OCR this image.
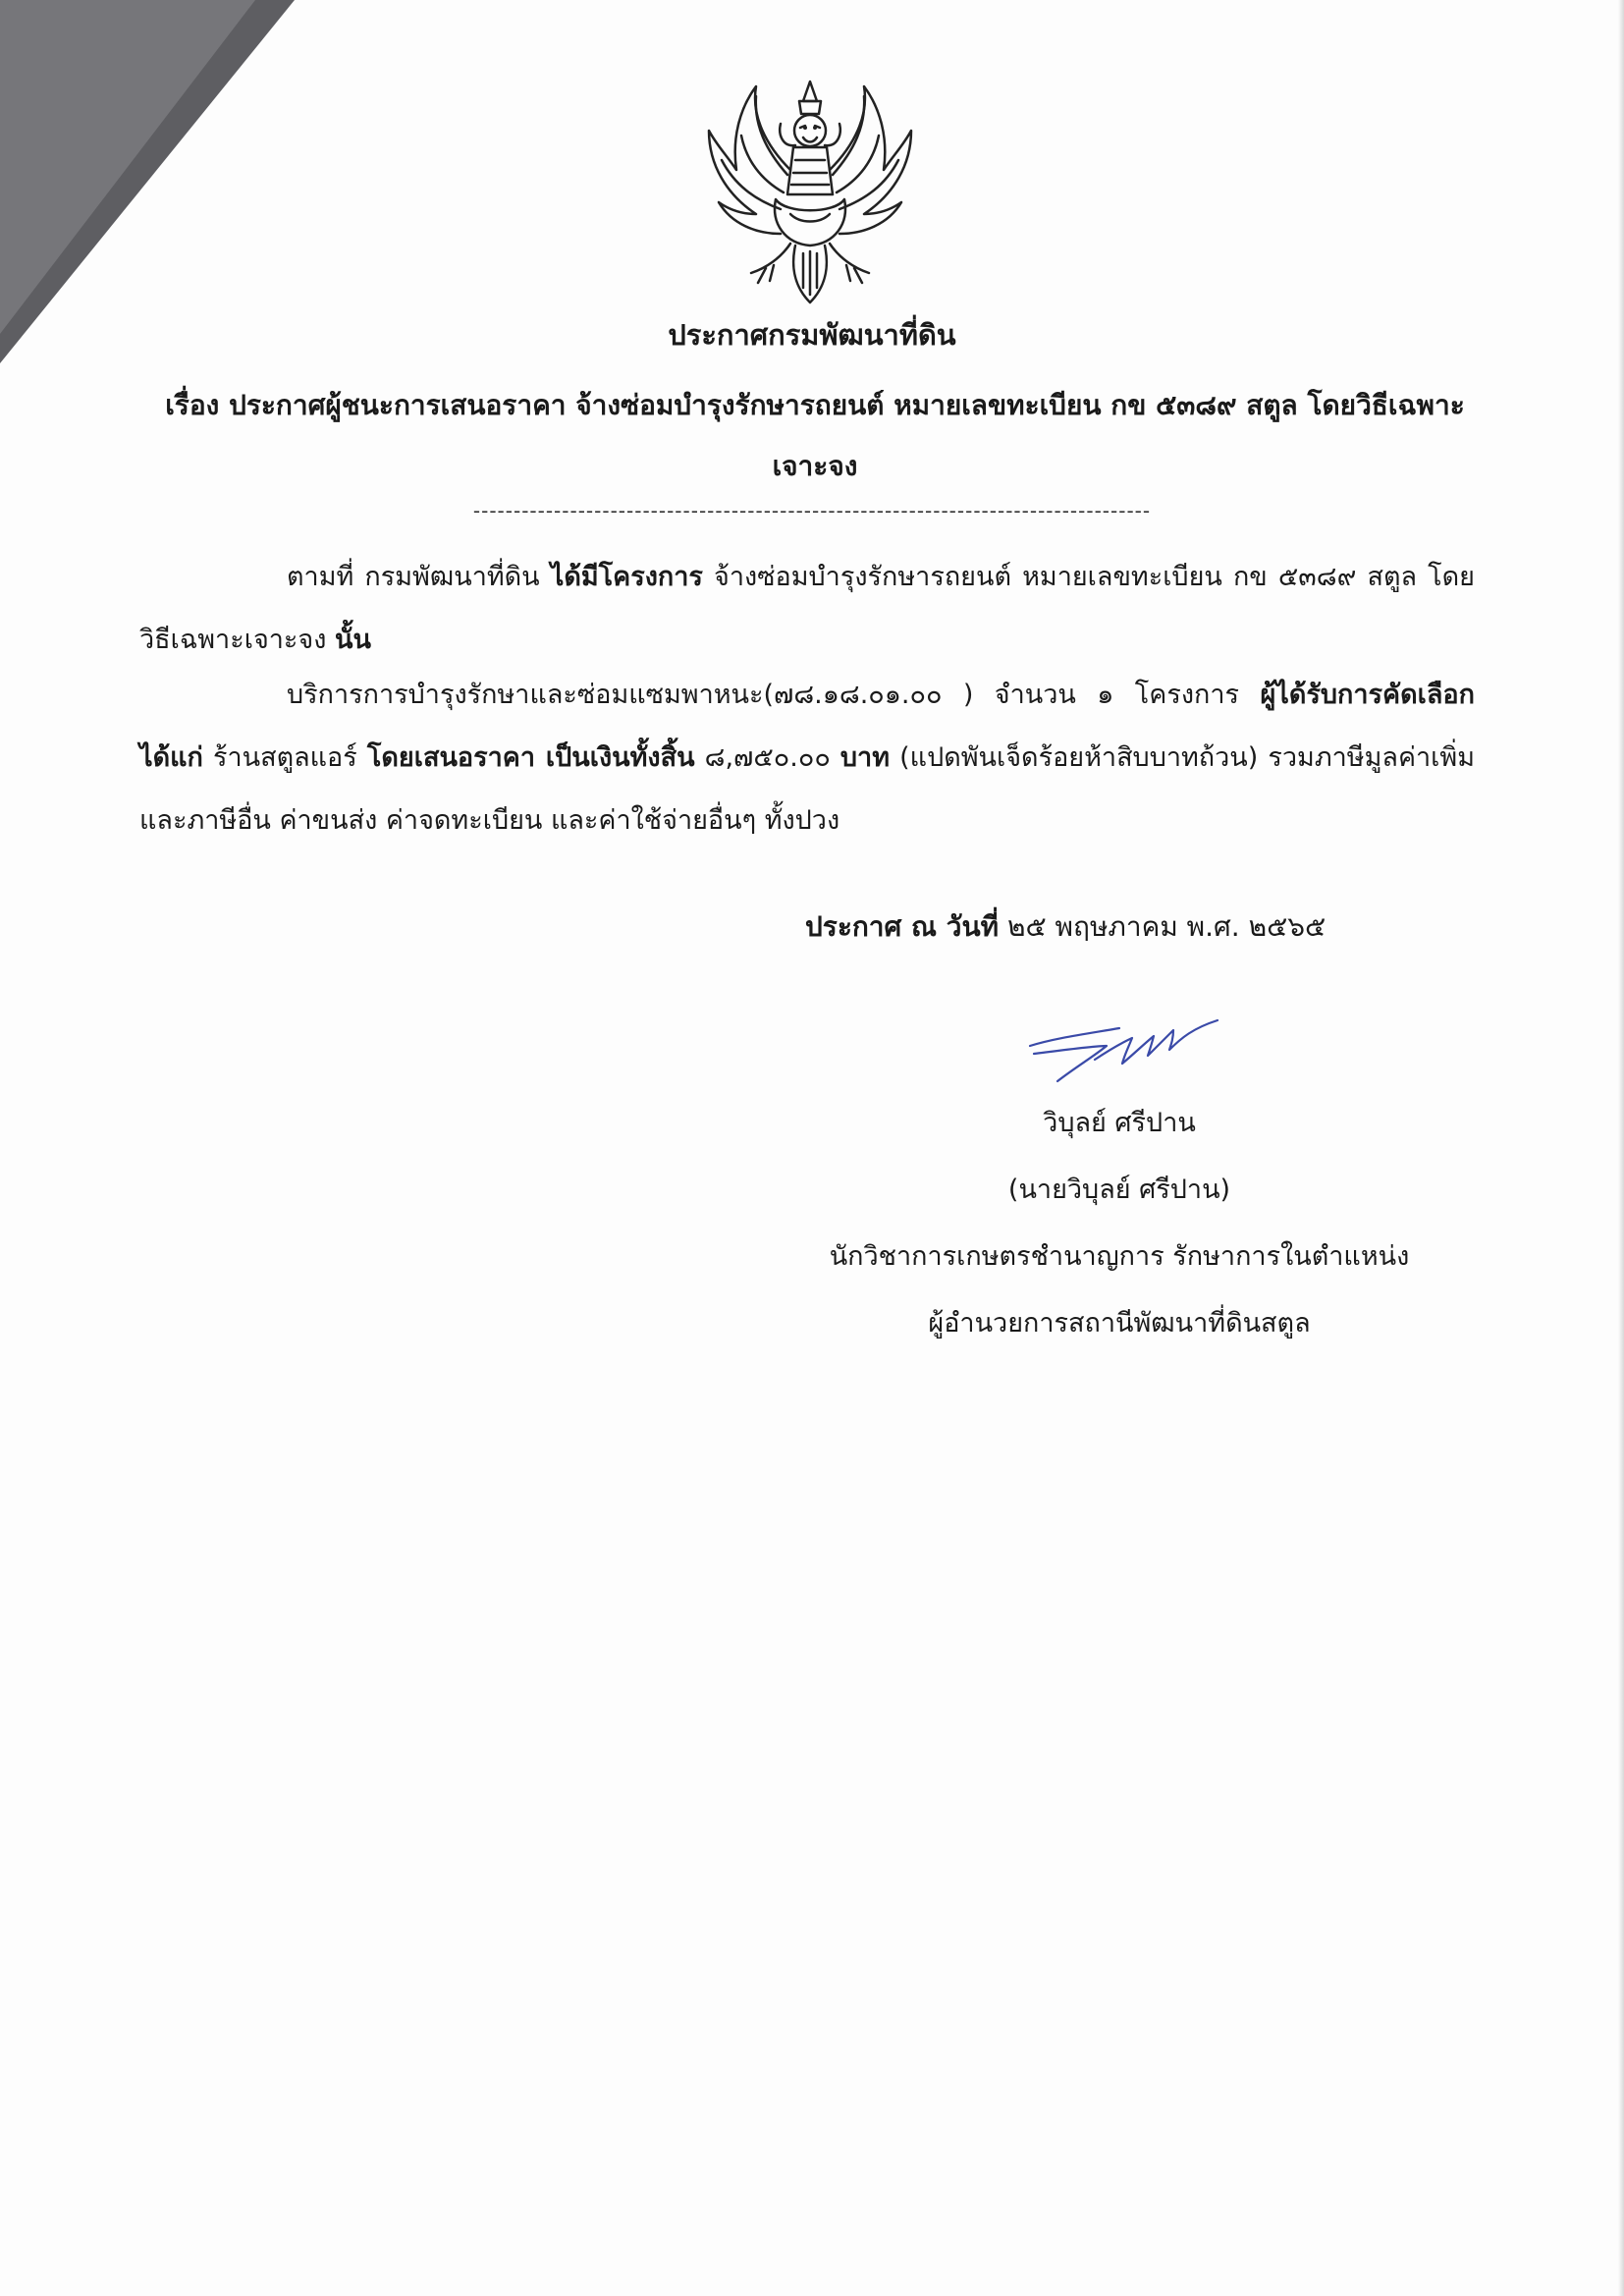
ประกาศกรมพัฒนาที่ดิน

เรื่อง ประกาศผู้ชนะการเสนอราคา จ้างซ่อมบำรุงรักษารถยนต์ หมายเลขทะเบียน กข ๕๓๘๙ สตูล โดยวิธีเฉพาะ
เจาะจง

------------------------------------------------------------------------------------

ตามที่ กรมพัฒนาที่ดิน ได้มีโครงการ จ้างซ่อมบำรุงรักษารถยนต์ หมายเลขทะเบียน กข ๕๓๘๙ สตูล โดยวิธีเฉพาะเจาะจง นั้น

บริการการบำรุงรักษาและซ่อมแซมพาหนะ(๗๘.๑๘.๐๑.๐๐ ) จำนวน ๑ โครงการ ผู้ได้รับการคัดเลือก ได้แก่ ร้านสตูลแอร์ โดยเสนอราคา เป็นเงินทั้งสิ้น ๘,๗๕๐.๐๐ บาท (แปดพันเจ็ดร้อยห้าสิบบาทถ้วน) รวมภาษีมูลค่าเพิ่มและภาษีอื่น ค่าขนส่ง ค่าจดทะเบียน และค่าใช้จ่ายอื่นๆ ทั้งปวง

ประกาศ ณ วันที่ ๒๕ พฤษภาคม พ.ศ. ๒๕๖๕

วิบุลย์ ศรีปาน
(นายวิบุลย์ ศรีปาน)
นักวิชาการเกษตรชำนาญการ รักษาการในตำแหน่ง
ผู้อำนวยการสถานีพัฒนาที่ดินสตูล
